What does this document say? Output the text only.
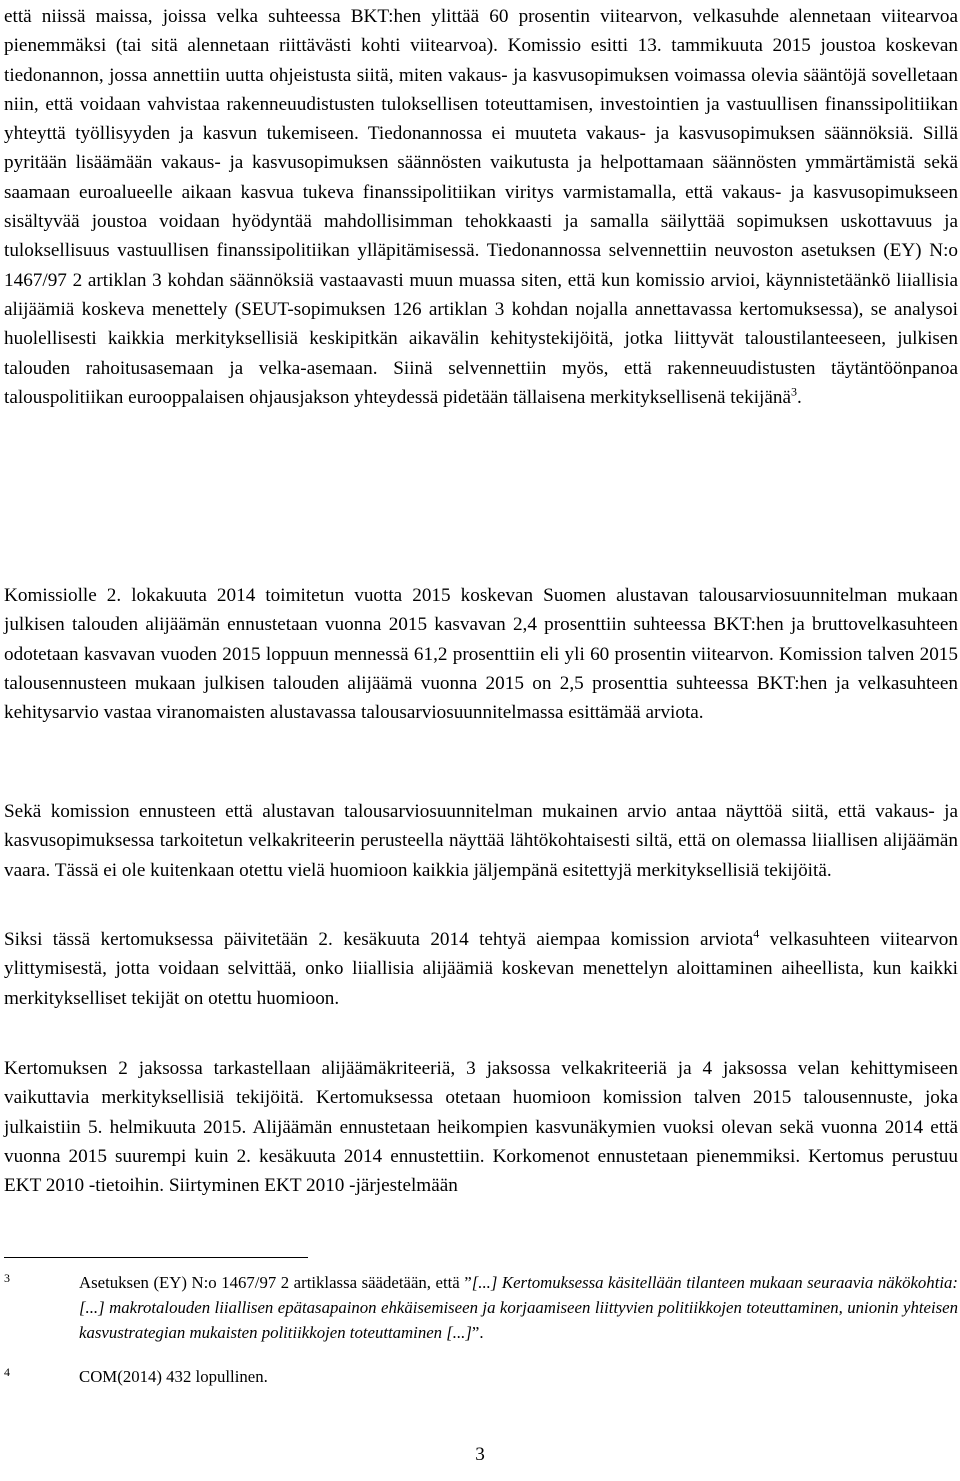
että niissä maissa, joissa velka suhteessa BKT:hen ylittää 60 prosentin viitearvon, velkasuhde alennetaan viitearvoa pienemmäksi (tai sitä alennetaan riittävästi kohti viitearvoa). Komissio esitti 13. tammikuuta 2015 joustoa koskevan tiedonannon, jossa annettiin uutta ohjeistusta siitä, miten vakaus- ja kasvusopimuksen voimassa olevia sääntöjä sovelletaan niin, että voidaan vahvistaa rakenneuudistusten tuloksellisen toteuttamisen, investointien ja vastuullisen finanssipolitiikan yhteyttä työllisyyden ja kasvun tukemiseen. Tiedonannossa ei muuteta vakaus- ja kasvusopimuksen säännöksiä. Sillä pyritään lisäämään vakaus- ja kasvusopimuksen säännösten vaikutusta ja helpottamaan säännösten ymmärtämistä sekä saamaan euroalueelle aikaan kasvua tukeva finanssipolitiikan viritys varmistamalla, että vakaus- ja kasvusopimukseen sisältyvää joustoa voidaan hyödyntää mahdollisimman tehokkaasti ja samalla säilyttää sopimuksen uskottavuus ja tuloksellisuus vastuullisen finanssipolitiikan ylläpitämisessä. Tiedonannossa selvennettiin neuvoston asetuksen (EY) N:o 1467/97 2 artiklan 3 kohdan säännöksiä vastaavasti muun muassa siten, että kun komissio arvioi, käynnistetäänkö liiallisia alijäämiä koskeva menettely (SEUT-sopimuksen 126 artiklan 3 kohdan nojalla annettavassa kertomuksessa), se analysoi huolellisesti kaikkia merkityksellisiä keskipitkän aikavälin kehitystekijöitä, jotka liittyvät taloustilanteeseen, julkisen talouden rahoitusasemaan ja velka-asemaan. Siinä selvennettiin myös, että rakenneuudistusten täytäntöönpanoa talouspolitiikan eurooppalaisen ohjausjakson yhteydessä pidetään tällaisena merkityksellisenä tekijänä$^3$.

Komissiolle 2. lokakuuta 2014 toimitetun vuotta 2015 koskevan Suomen alustavan talousarviosuunnitelman mukaan julkisen talouden alijäämän ennustetaan vuonna 2015 kasvavan 2,4 prosenttiin suhteessa BKT:hen ja bruttovelkasuhteen odotetaan kasvavan vuoden 2015 loppuun mennessä 61,2 prosenttiin eli yli 60 prosentin viitearvon. Komission talven 2015 talousennusteen mukaan julkisen talouden alijäämä vuonna 2015 on 2,5 prosenttia suhteessa BKT:hen ja velkasuhteen kehitysarvio vastaa viranomaisten alustavassa talousarviosuunnitelmassa esittämää arviota.

Sekä komission ennusteen että alustavan talousarviosuunnitelman mukainen arvio antaa näyttöä siitä, että vakaus- ja kasvusopimuksessa tarkoitetun velkakriteerin perusteella näyttää lähtökohtaisesti siltä, että on olemassa liiallisen alijäämän vaara. Tässä ei ole kuitenkaan otettu vielä huomioon kaikkia jäljempänä esitettyjä merkityksellisiä tekijöitä.

Siksi tässä kertomuksessa päivitetään 2. kesäkuuta 2014 tehtyä aiempaa komission arviota$^4$ velkasuhteen viitearvon ylittymisestä, jotta voidaan selvittää, onko liiallisia alijäämiä koskevan menettelyn aloittaminen aiheellista, kun kaikki merkitykselliset tekijät on otettu huomioon.

Kertomuksen 2 jaksossa tarkastellaan alijäämäkriteeriä, 3 jaksossa velkakriteeriä ja 4 jaksossa velan kehittymiseen vaikuttavia merkityksellisiä tekijöitä. Kertomuksessa otetaan huomioon komission talven 2015 talousennuste, joka julkaistiin 5. helmikuuta 2015. Alijäämän ennustetaan heikompien kasvunäkymien vuoksi olevan sekä vuonna 2014 että vuonna 2015 suurempi kuin 2. kesäkuuta 2014 ennustettiin. Korkomenot ennustetaan pienemmiksi. Kertomus perustuu EKT 2010 -tietoihin. Siirtyminen EKT 2010 -järjestelmään

3	Asetuksen (EY) N:o 1467/97 2 artiklassa säädetään, että ”[...] Kertomuksessa käsitellään tilanteen mukaan seuraavia näkökohtia: [...] makrotalouden liiallisen epätasapainon ehkäisemiseen ja korjaamiseen liittyvien politiikkojen toteuttaminen, unionin yhteisen kasvustrategian mukaisten politiikkojen toteuttaminen [...]”.
4	COM(2014) 432 lopullinen.
3
